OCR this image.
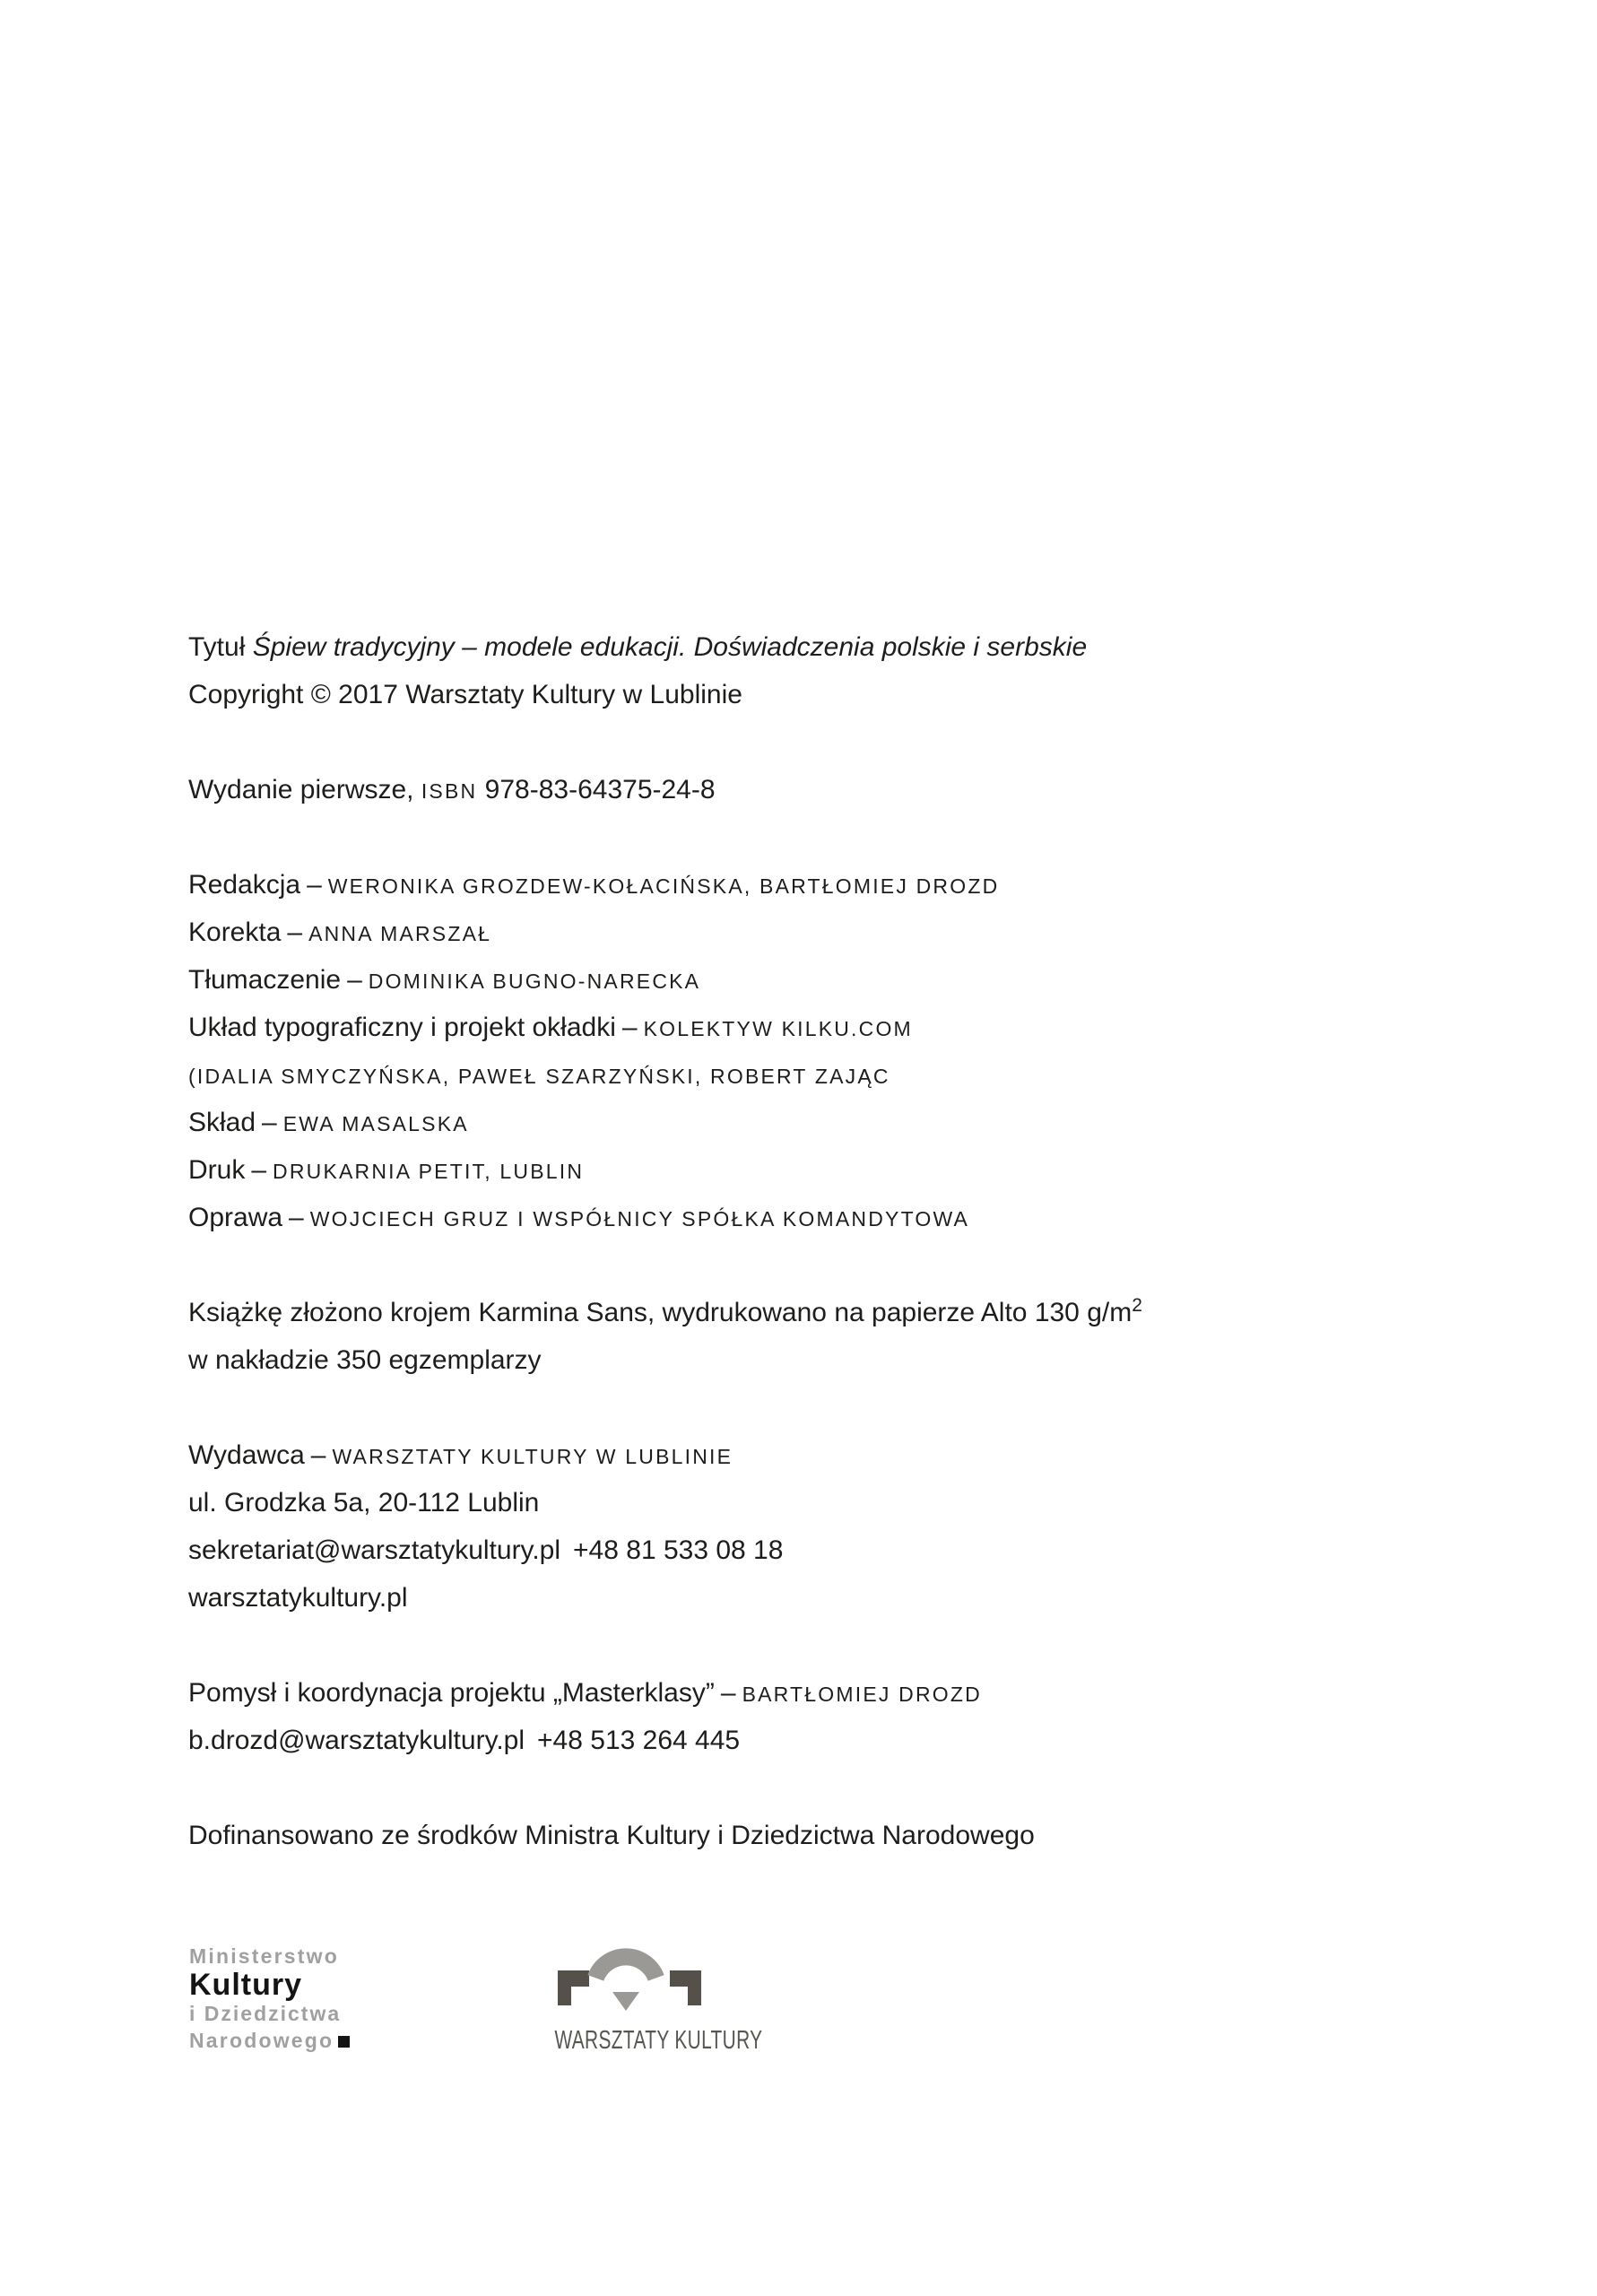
Tytuł Śpiew tradycyjny – modele edukacji. Doświadczenia polskie i serbskie
Copyright © 2017 Warsztaty Kultury w Lublinie
Wydanie pierwsze, ISBN 978-83-64375-24-8
Redakcja – WERONIKA GROZDEW-KOŁACIŃSKA, BARTŁOMIEJ DROZD
Korekta – ANNA MARSZAŁ
Tłumaczenie – DOMINIKA BUGNO-NARECKA
Układ typograficzny i projekt okładki – KOLEKTYW KILKU.COM
(IDALIA SMYCZYŃSKA, PAWEŁ SZARZYŃSKI, ROBERT ZAJĄC
Skład – EWA MASALSKA
Druk – DRUKARNIA PETIT, LUBLIN
Oprawa – WOJCIECH GRUZ I WSPÓŁNICY SPÓŁKA KOMANDYTOWA
Książkę złożono krojem Karmina Sans, wydrukowano na papierze Alto 130 $g/m^2$
w nakładzie 350 egzemplarzy
Wydawca – WARSZTATY KULTURY W LUBLINIE
ul. Grodzka 5a, 20-112 Lublin
sekretariat@warsztatykultury.pl +48 81 533 08 18
warsztatykultury.pl
Pomysł i koordynacja projektu „Masterklasy” – BARTŁOMIEJ DROZD
b.drozd@warsztatykultury.pl +48 513 264 445
Dofinansowano ze środków Ministra Kultury i Dziedzictwa Narodowego
Ministerstwo
Kultury
i Dziedzictwa
Narodowego	WARSZTATY KULTURY
